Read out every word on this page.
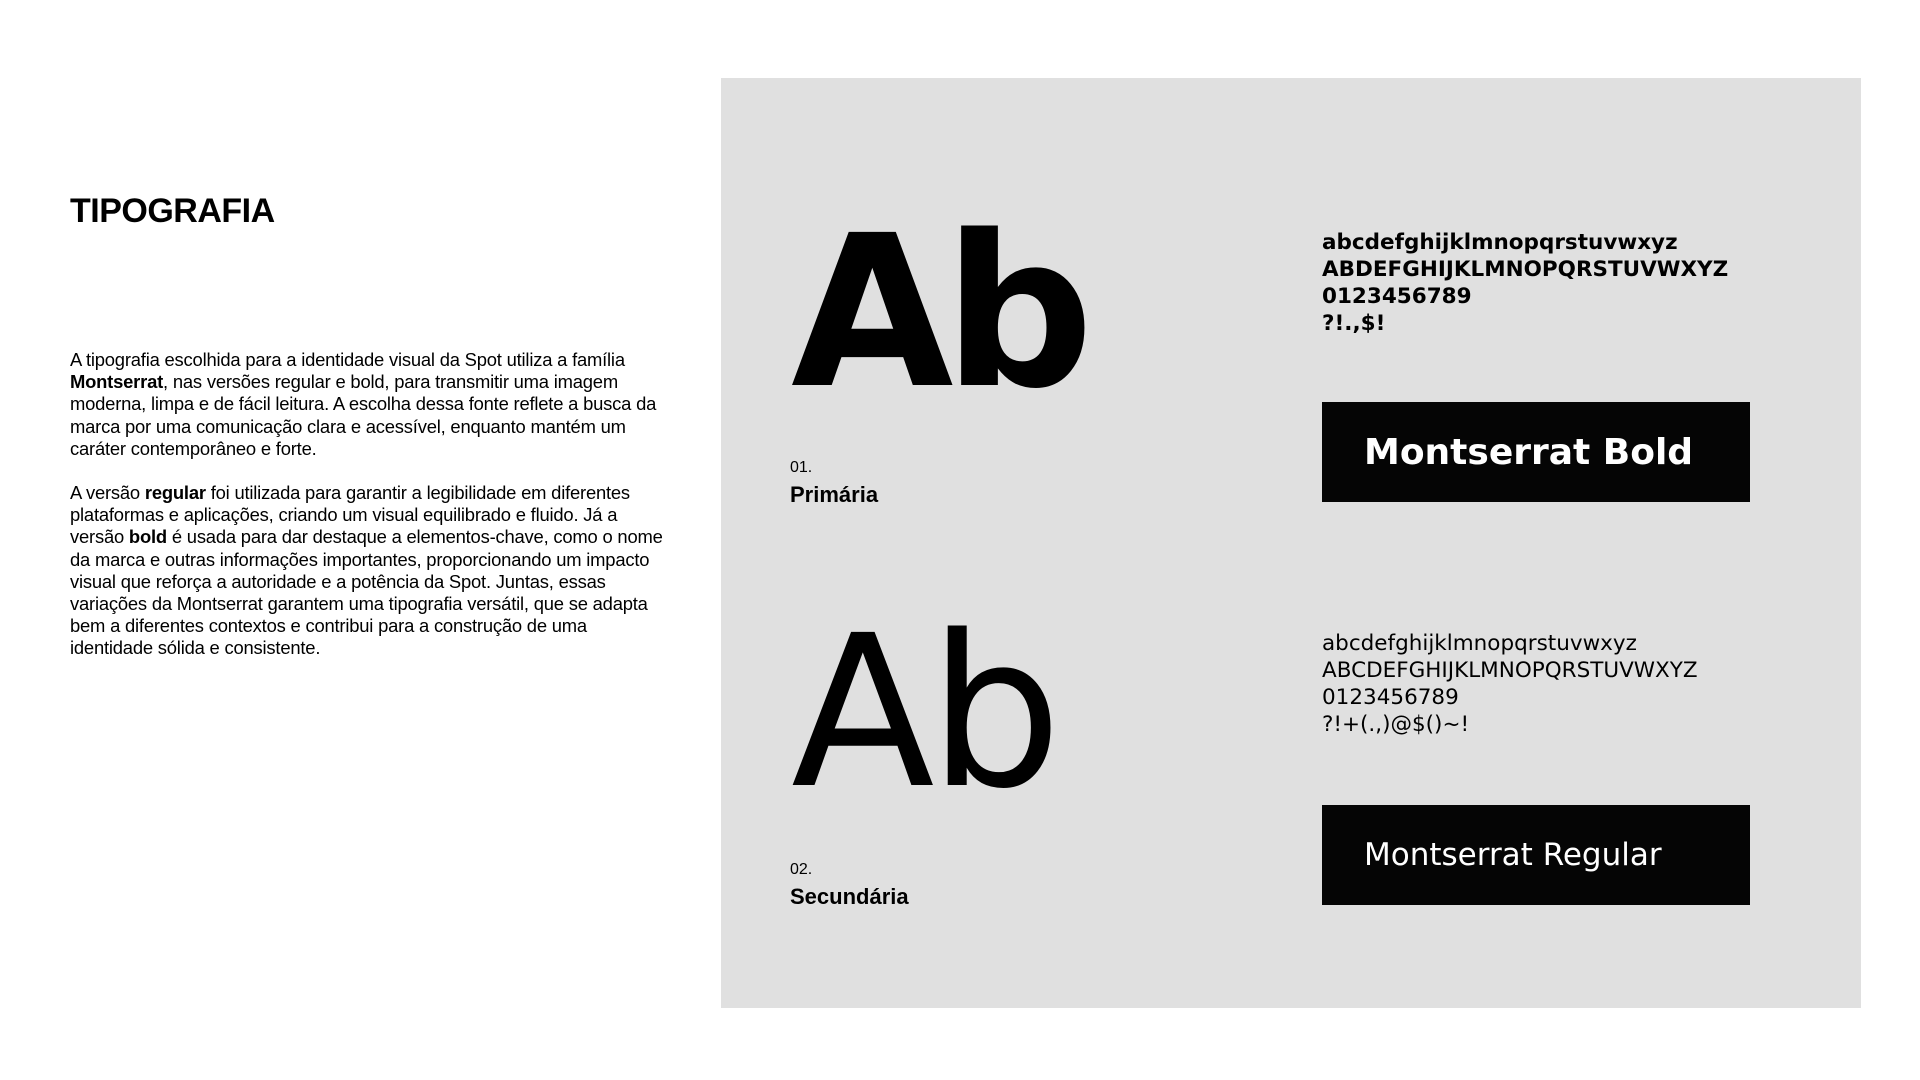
TIPOGRAFIA

A tipografia escolhida para a identidade visual da Spot utiliza a família Montserrat, nas versões regular e bold, para transmitir uma imagem moderna, limpa e de fácil leitura. A escolha dessa fonte reflete a busca da marca por uma comunicação clara e acessível, enquanto mantém um caráter contemporâneo e forte.

A versão regular foi utilizada para garantir a legibilidade em diferentes plataformas e aplicações, criando um visual equilibrado e fluido. Já a versão bold é usada para dar destaque a elementos-chave, como o nome da marca e outras informações importantes, proporcionando um impacto visual que reforça a autoridade e a potência da Spot. Juntas, essas variações da Montserrat garantem uma tipografia versátil, que se adapta bem a diferentes contextos e contribui para a construção de uma identidade sólida e consistente.

Ab
01.
Primária
abcdefghijklmnopqrstuvwxyz
ABDEFGHIJKLMNOPQRSTUVWXYZ
0123456789
?!.,$!
Montserrat Bold
Ab
02.
Secundária
abcdefghijklmnopqrstuvwxyz
ABCDEFGHIJKLMNOPQRSTUVWXYZ
0123456789
?!+(.,)@$()~!
Montserrat Regular
